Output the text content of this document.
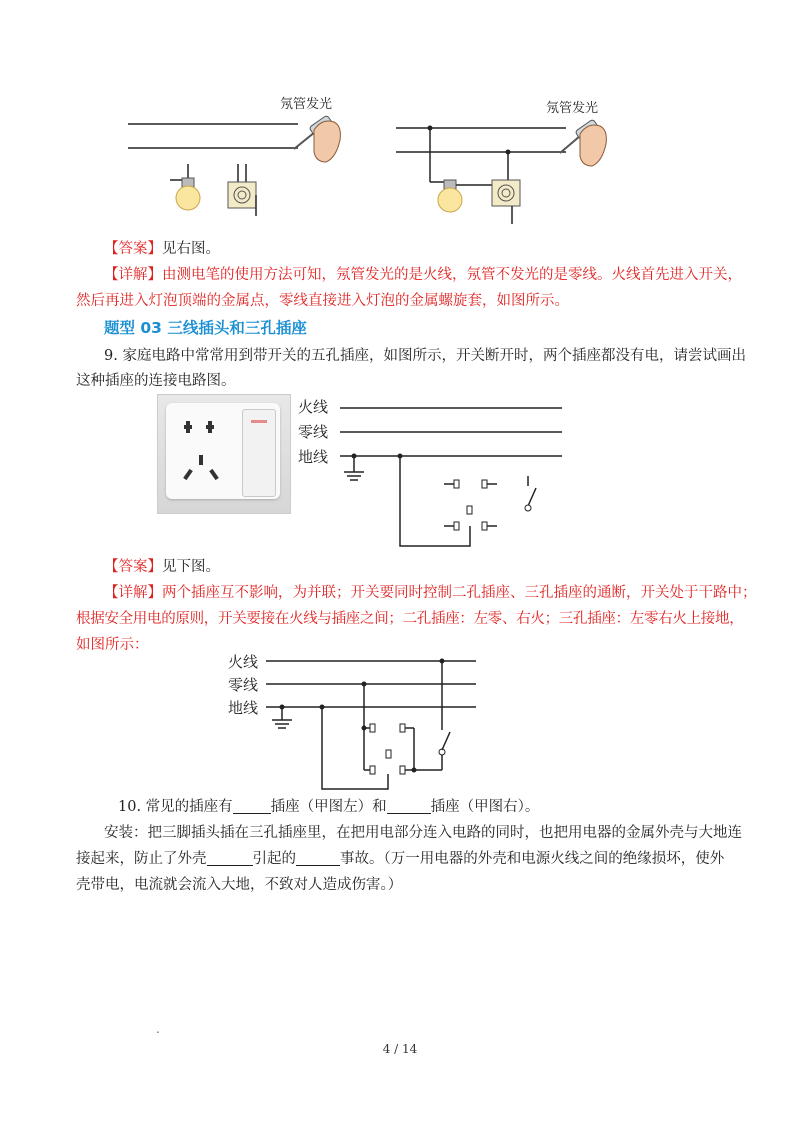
氖管发光	氖管发光
【答案】见右图。
【详解】由测电笔的使用方法可知，氖管发光的是火线，氖管不发光的是零线。火线首先进入开关，
然后再进入灯泡顶端的金属点，零线直接进入灯泡的金属螺旋套，如图所示。
题型 03 三线插头和三孔插座
9. 家庭电路中常常用到带开关的五孔插座，如图所示，开关断开时，两个插座都没有电，请尝试画出
这种插座的连接电路图。
火线
零线
地线
【答案】见下图。
【详解】两个插座互不影响，为并联；开关要同时控制二孔插座、三孔插座的通断，开关处于干路中；
根据安全用电的原则，开关要接在火线与插座之间；二孔插座：左零、右火；三孔插座：左零右火上接地，
如图所示：
火线
零线
地线
10. 常见的插座有	插座（甲图左）和	插座（甲图右）。
安装：把三脚插头插在三孔插座里，在把用电部分连入电路的同时，也把用电器的金属外壳与大地连
接起来，防止了外壳	引起的	事故。（万一用电器的外壳和电源火线之间的绝缘损坏，使外
壳带电，电流就会流入大地，不致对人造成伤害。）
.
4 / 14
